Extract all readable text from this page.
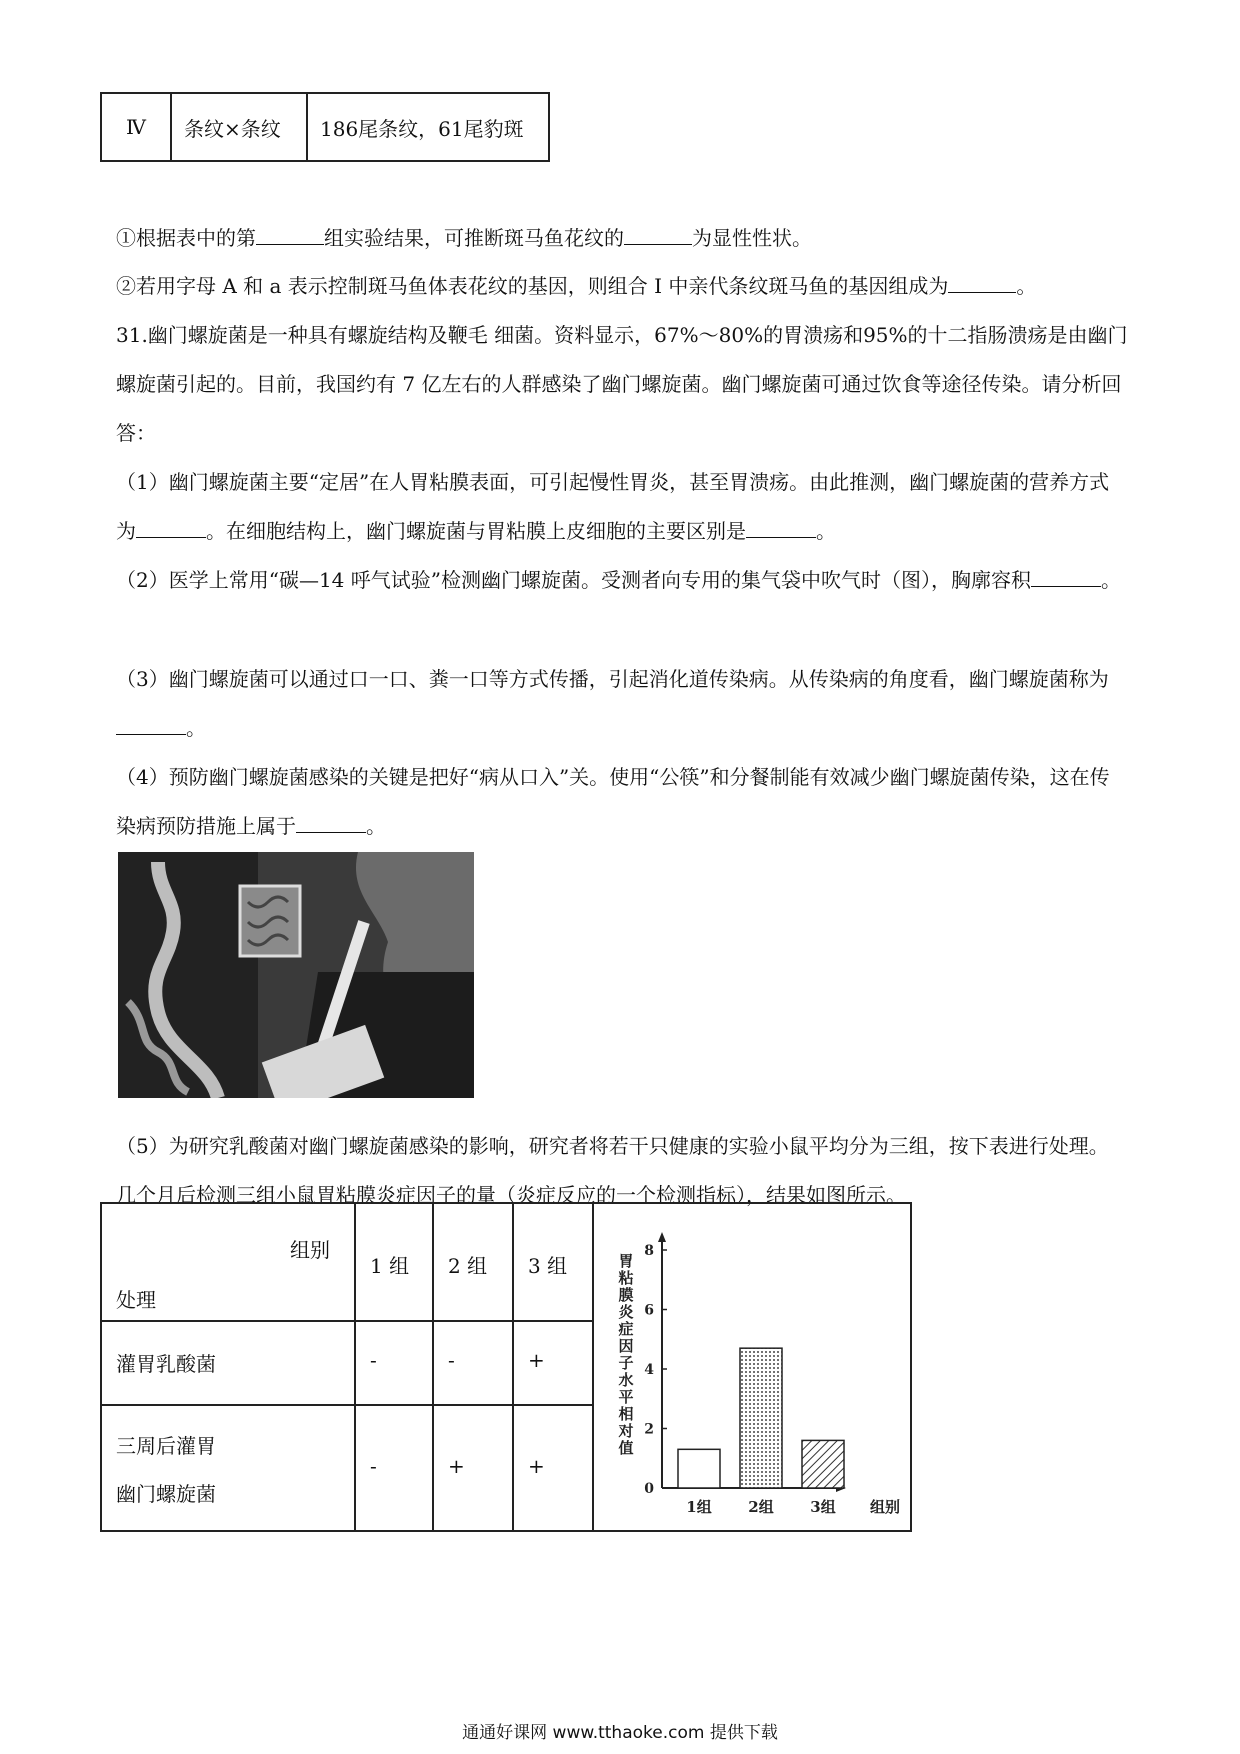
Ⅳ	条纹×条纹	186尾条纹，61尾豹斑

①根据表中的第	组实验结果，可推断斑马鱼花纹的	为显性性状。

②若用字母 A 和 a 表示控制斑马鱼体表花纹的基因，则组合 I 中亲代条纹斑马鱼的基因组成为	。

31.幽门螺旋菌是一种具有螺旋结构及鞭毛 细菌。资料显示，67%～80%的胃溃疡和95%的十二指肠溃疡是由幽门螺旋菌引起的。目前，我国约有 7 亿左右的人群感染了幽门螺旋菌。幽门螺旋菌可通过饮食等途径传染。请分析回答：

（1）幽门螺旋菌主要“定居”在人胃粘膜表面，可引起慢性胃炎，甚至胃溃疡。由此推测，幽门螺旋菌的营养方式为	。在细胞结构上，幽门螺旋菌与胃粘膜上皮细胞的主要区别是	。

（2）医学上常用“碳—14 呼气试验”检测幽门螺旋菌。受测者向专用的集气袋中吹气时（图），胸廓容积	。

（3）幽门螺旋菌可以通过口一口、粪一口等方式传播，引起消化道传染病。从传染病的角度看，幽门螺旋菌称为。

（4）预防幽门螺旋菌感染的关键是把好“病从口入”关。使用“公筷”和分餐制能有效减少幽门螺旋菌传染，这在传染病预防措施上属于	。

（5）为研究乳酸菌对幽门螺旋菌感染的影响，研究者将若干只健康的实验小鼠平均分为三组，按下表进行处理。几个月后检测三组小鼠胃粘膜炎症因子的量（炎症反应的一个检测指标），结果如图所示。

组别
处理
1 组 2 组 3 组
灌胃乳酸菌	-	-	+
三周后灌胃
幽门螺旋菌
-	+	+
胃
粘
膜
炎
症
因
子
水
平
相
对
值
0
2
4
6
8
1组 2组 3组 组别
通通好课网 www.tthaoke.com 提供下载
